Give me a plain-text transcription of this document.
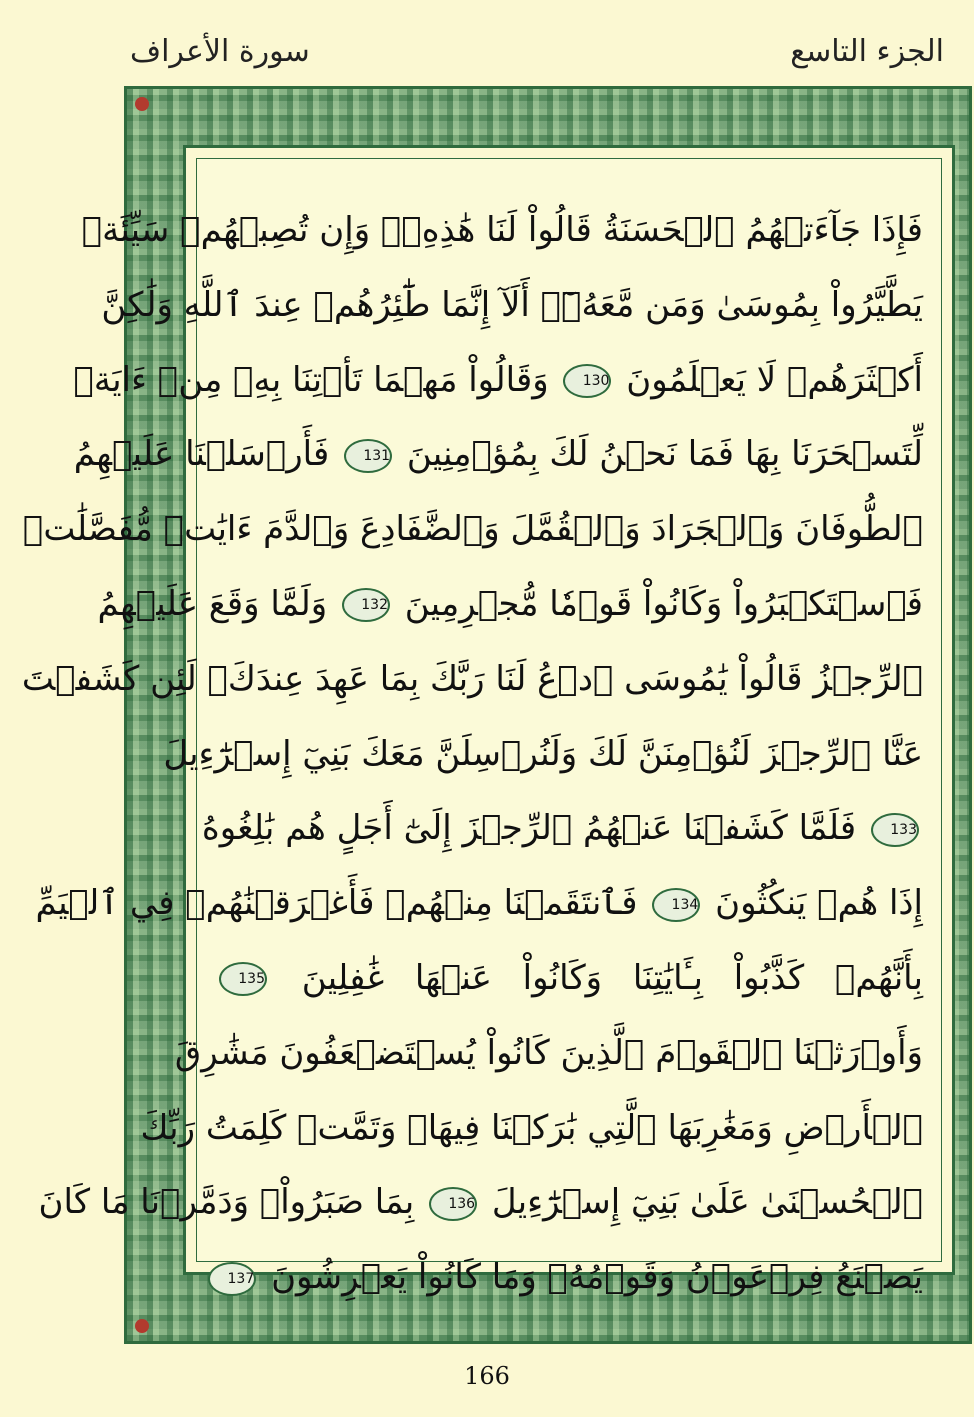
سورة الأعراف	الجزء التاسع
فَإِذَا جَآءَتۡهُمُ ٱلۡحَسَنَةُ قَالُواْ لَنَا هَٰذِهِۦۖ وَإِن تُصِبۡهُمۡ سَيِّئَةٞ
يَطَّيَّرُواْ بِمُوسَىٰ وَمَن مَّعَهُۥٓۗ أَلَآ إِنَّمَا طَٰٓئِرُهُمۡ عِندَ ٱللَّهِ وَلَٰكِنَّ
أَكۡثَرَهُمۡ لَا يَعۡلَمُونَ 130 وَقَالُواْ مَهۡمَا تَأۡتِنَا بِهِۦ مِنۡ ءَايَةٖ
لِّتَسۡحَرَنَا بِهَا فَمَا نَحۡنُ لَكَ بِمُؤۡمِنِينَ 131 فَأَرۡسَلۡنَا عَلَيۡهِمُ
ٱلطُّوفَانَ وَٱلۡجَرَادَ وَٱلۡقُمَّلَ وَٱلضَّفَادِعَ وَٱلدَّمَ ءَايَٰتٖ مُّفَصَّلَٰتٖ
فَٱسۡتَكۡبَرُواْ وَكَانُواْ قَوۡمٗا مُّجۡرِمِينَ 132 وَلَمَّا وَقَعَ عَلَيۡهِمُ
ٱلرِّجۡزُ قَالُواْ يَٰمُوسَى ٱدۡعُ لَنَا رَبَّكَ بِمَا عَهِدَ عِندَكَۖ لَئِن كَشَفۡتَ
عَنَّا ٱلرِّجۡزَ لَنُؤۡمِنَنَّ لَكَ وَلَنُرۡسِلَنَّ مَعَكَ بَنِيٓ إِسۡرَٰٓءِيلَ
133 فَلَمَّا كَشَفۡنَا عَنۡهُمُ ٱلرِّجۡزَ إِلَىٰٓ أَجَلٍ هُم بَٰلِغُوهُ
إِذَا هُمۡ يَنكُثُونَ 134 فَٱنتَقَمۡنَا مِنۡهُمۡ فَأَغۡرَقۡنَٰهُمۡ فِي ٱلۡيَمِّ
بِأَنَّهُمۡ كَذَّبُواْ بِـَٔايَٰتِنَا وَكَانُواْ عَنۡهَا غَٰفِلِينَ 135
وَأَوۡرَثۡنَا ٱلۡقَوۡمَ ٱلَّذِينَ كَانُواْ يُسۡتَضۡعَفُونَ مَشَٰرِقَ
ٱلۡأَرۡضِ وَمَغَٰرِبَهَا ٱلَّتِي بَٰرَكۡنَا فِيهَاۖ وَتَمَّتۡ كَلِمَتُ رَبِّكَ
ٱلۡحُسۡنَىٰ عَلَىٰ بَنِيٓ إِسۡرَٰٓءِيلَ 136 بِمَا صَبَرُواْۖ وَدَمَّرۡنَا مَا كَانَ
يَصۡنَعُ فِرۡعَوۡنُ وَقَوۡمُهُۥ وَمَا كَانُواْ يَعۡرِشُونَ 137
166
